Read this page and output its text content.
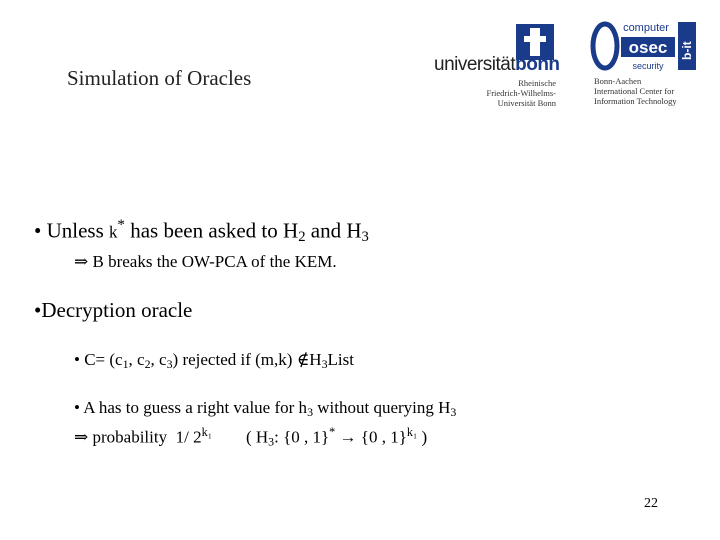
Simulation of Oracles
universitätbonn
Rheinische
Friedrich-Wilhelms-
Universität Bonn
osec
computer
security
b-it
Bonn-Aachen
International Center for
Information Technology
• Unless k* has been asked to $H_2$ and $H_3$
⇒ B breaks the OW-PCA of the KEM.
•Decryption oracle
• $C= (c_1$, $c_2$, $c_3$) rejected if (m,k) $\notin H_3List$
• A has to guess a right value for $h_3$ without querying $H_3$
⇒ probability  1/ $2^{k_1}$        ( $H_3$: {0 , 1}* → {0 , 1}$^{k_1}$ )
22
